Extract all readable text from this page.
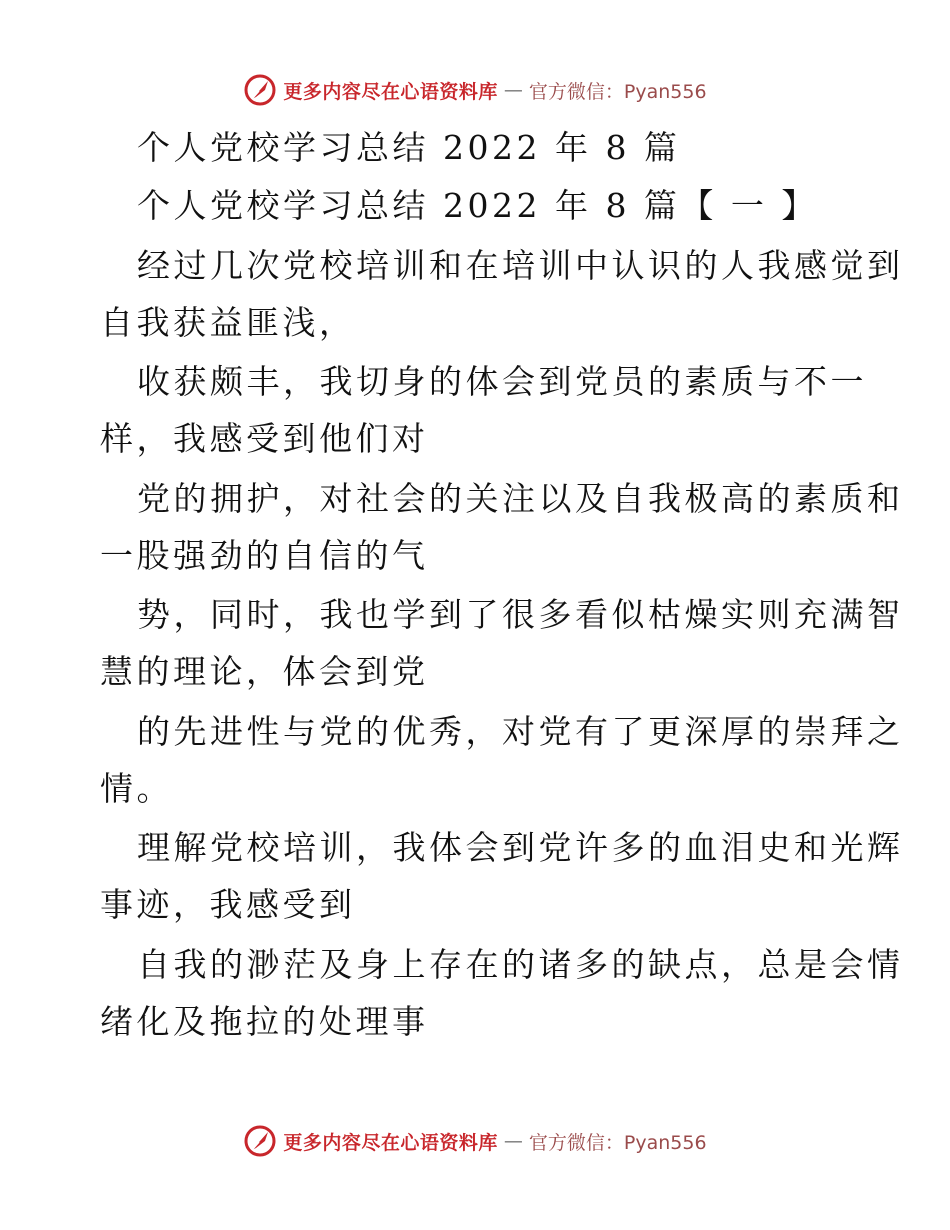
更多内容尽在心语资料库 — 官方微信：Pyan556
个人党校学习总结 2022 年 8 篇
个人党校学习总结 2022 年 8 篇【 一 】
经过几次党校培训和在培训中认识的人我感觉到
自我获益匪浅，
收获颇丰，我切身的体会到党员的素质与不一
样，我感受到他们对
党的拥护，对社会的关注以及自我极高的素质和
一股强劲的自信的气
势，同时，我也学到了很多看似枯燥实则充满智
慧的理论，体会到党
的先进性与党的优秀，对党有了更深厚的崇拜之
情。
理解党校培训，我体会到党许多的血泪史和光辉
事迹，我感受到
自我的渺茫及身上存在的诸多的缺点，总是会情
绪化及拖拉的处理事
更多内容尽在心语资料库 — 官方微信：Pyan556
